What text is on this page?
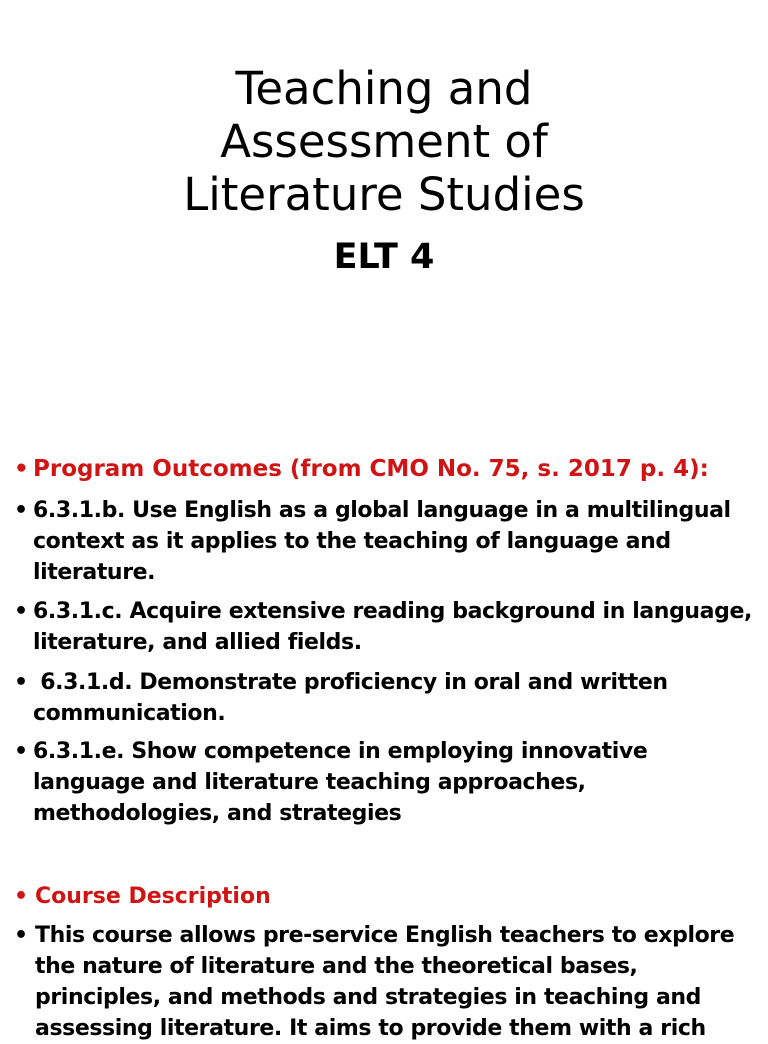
Teaching and
Assessment of
Literature Studies
ELT 4
• Program Outcomes (from CMO No. 75, s. 2017 p. 4):
• 6.3.1.b. Use English as a global language in a multilingual
context as it applies to the teaching of language and
literature.
• 6.3.1.c. Acquire extensive reading background in language,
literature, and allied fields.
• 6.3.1.d. Demonstrate proficiency in oral and written
communication.
• 6.3.1.e. Show competence in employing innovative
language and literature teaching approaches,
methodologies, and strategies
• Course Description
• This course allows pre-service English teachers to explore
the nature of literature and the theoretical bases,
principles, and methods and strategies in teaching and
assessing literature. It aims to provide them with a rich
